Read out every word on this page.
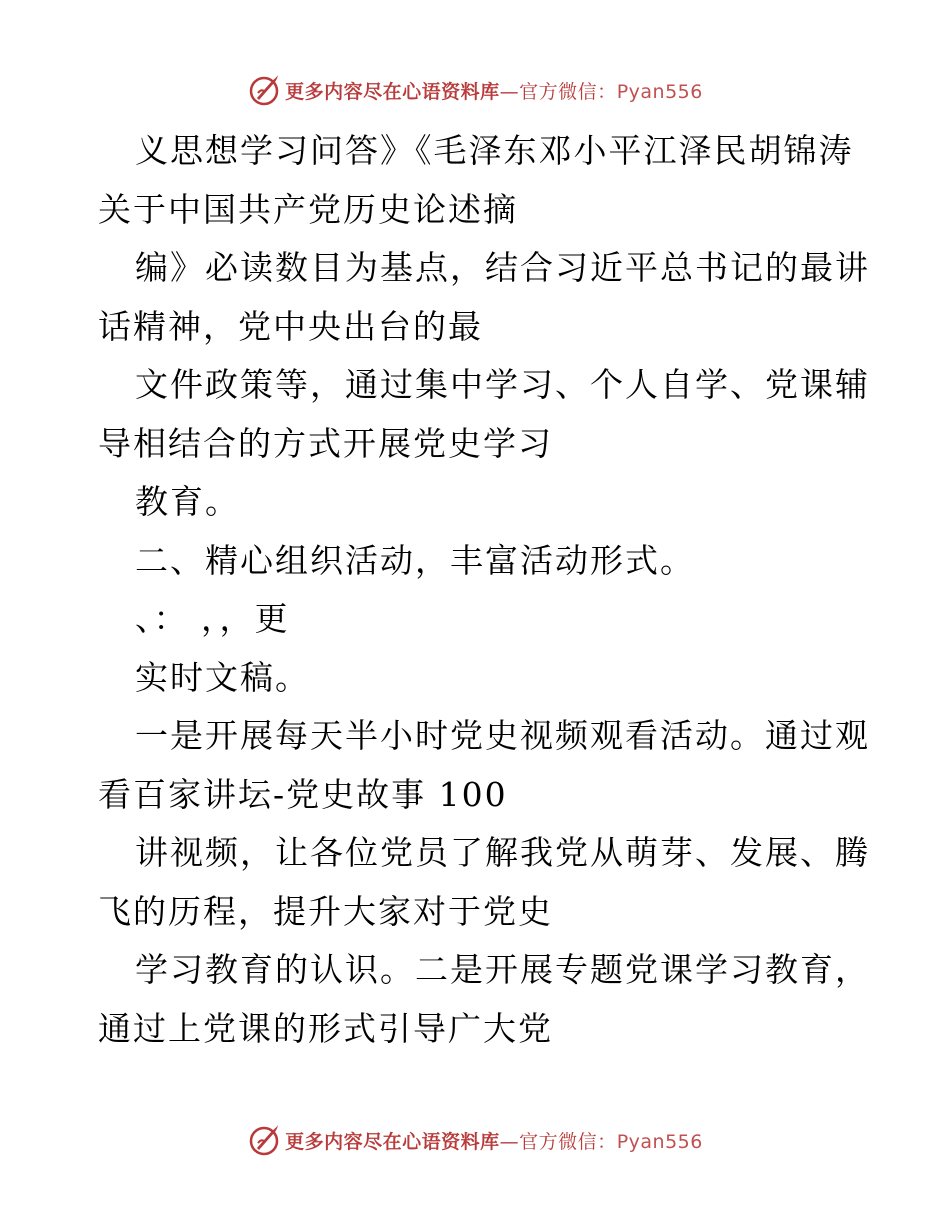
更多内容尽在心语资料库—官方微信：Pyan556
义思想学习问答》《毛泽东邓小平江泽民胡锦涛
关于中国共产党历史论述摘
编》必读数目为基点，结合习近平总书记的最讲
话精神，党中央出台的最
文件政策等，通过集中学习、个人自学、党课辅
导相结合的方式开展党史学习
教育。
二、精心组织活动，丰富活动形式。
、： ，，更
实时文稿。
一是开展每天半小时党史视频观看活动。通过观
看百家讲坛-党史故事 100
讲视频，让各位党员了解我党从萌芽、发展、腾
飞的历程，提升大家对于党史
学习教育的认识。二是开展专题党课学习教育，
通过上党课的形式引导广大党
更多内容尽在心语资料库—官方微信：Pyan556
